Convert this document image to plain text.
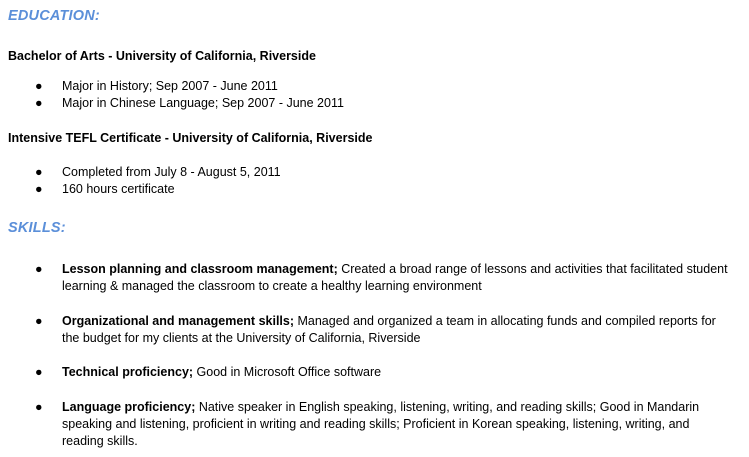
EDUCATION:
Bachelor of Arts - University of California, Riverside
● Major in History; Sep 2007 - June 2011
● Major in Chinese Language; Sep 2007 - June 2011
Intensive TEFL Certificate - University of California, Riverside
● Completed from July 8 - August 5, 2011
● 160 hours certificate
SKILLS:
● Lesson planning and classroom management; Created a broad range of lessons and activities that facilitated student learning & managed the classroom to create a healthy learning environment
● Organizational and management skills; Managed and organized a team in allocating funds and compiled reports for the budget for my clients at the University of California, Riverside
● Technical proficiency; Good in Microsoft Office software
● Language proficiency; Native speaker in English speaking, listening, writing, and reading skills; Good in Mandarin speaking and listening, proficient in writing and reading skills; Proficient in Korean speaking, listening, writing, and reading skills.
